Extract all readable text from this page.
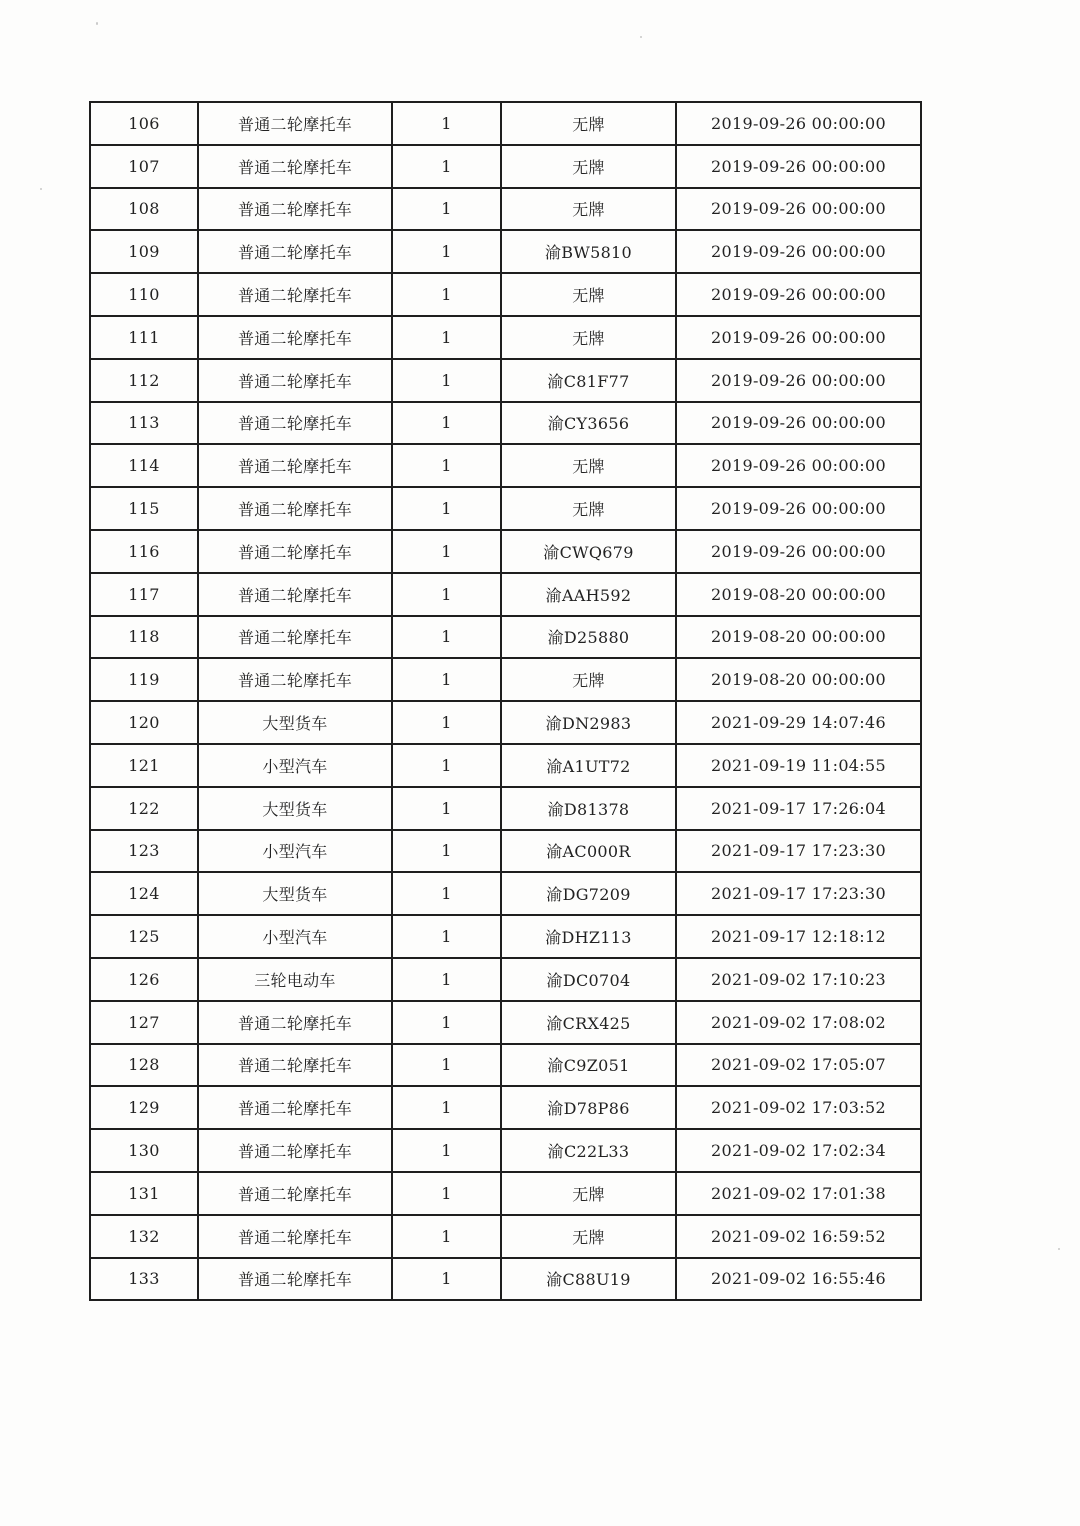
106	普通二轮摩托车	1	无牌	2019-09-26 00:00:00
107	普通二轮摩托车	1	无牌	2019-09-26 00:00:00
108	普通二轮摩托车	1	无牌	2019-09-26 00:00:00
109	普通二轮摩托车	1	渝BW5810	2019-09-26 00:00:00
110	普通二轮摩托车	1	无牌	2019-09-26 00:00:00
111	普通二轮摩托车	1	无牌	2019-09-26 00:00:00
112	普通二轮摩托车	1	渝C81F77	2019-09-26 00:00:00
113	普通二轮摩托车	1	渝CY3656	2019-09-26 00:00:00
114	普通二轮摩托车	1	无牌	2019-09-26 00:00:00
115	普通二轮摩托车	1	无牌	2019-09-26 00:00:00
116	普通二轮摩托车	1	渝CWQ679	2019-09-26 00:00:00
117	普通二轮摩托车	1	渝AAH592	2019-08-20 00:00:00
118	普通二轮摩托车	1	渝D25880	2019-08-20 00:00:00
119	普通二轮摩托车	1	无牌	2019-08-20 00:00:00
120	大型货车	1	渝DN2983	2021-09-29 14:07:46
121	小型汽车	1	渝A1UT72	2021-09-19 11:04:55
122	大型货车	1	渝D81378	2021-09-17 17:26:04
123	小型汽车	1	渝AC000R	2021-09-17 17:23:30
124	大型货车	1	渝DG7209	2021-09-17 17:23:30
125	小型汽车	1	渝DHZ113	2021-09-17 12:18:12
126	三轮电动车	1	渝DC0704	2021-09-02 17:10:23
127	普通二轮摩托车	1	渝CRX425	2021-09-02 17:08:02
128	普通二轮摩托车	1	渝C9Z051	2021-09-02 17:05:07
129	普通二轮摩托车	1	渝D78P86	2021-09-02 17:03:52
130	普通二轮摩托车	1	渝C22L33	2021-09-02 17:02:34
131	普通二轮摩托车	1	无牌	2021-09-02 17:01:38
132	普通二轮摩托车	1	无牌	2021-09-02 16:59:52
133	普通二轮摩托车	1	渝C88U19	2021-09-02 16:55:46
